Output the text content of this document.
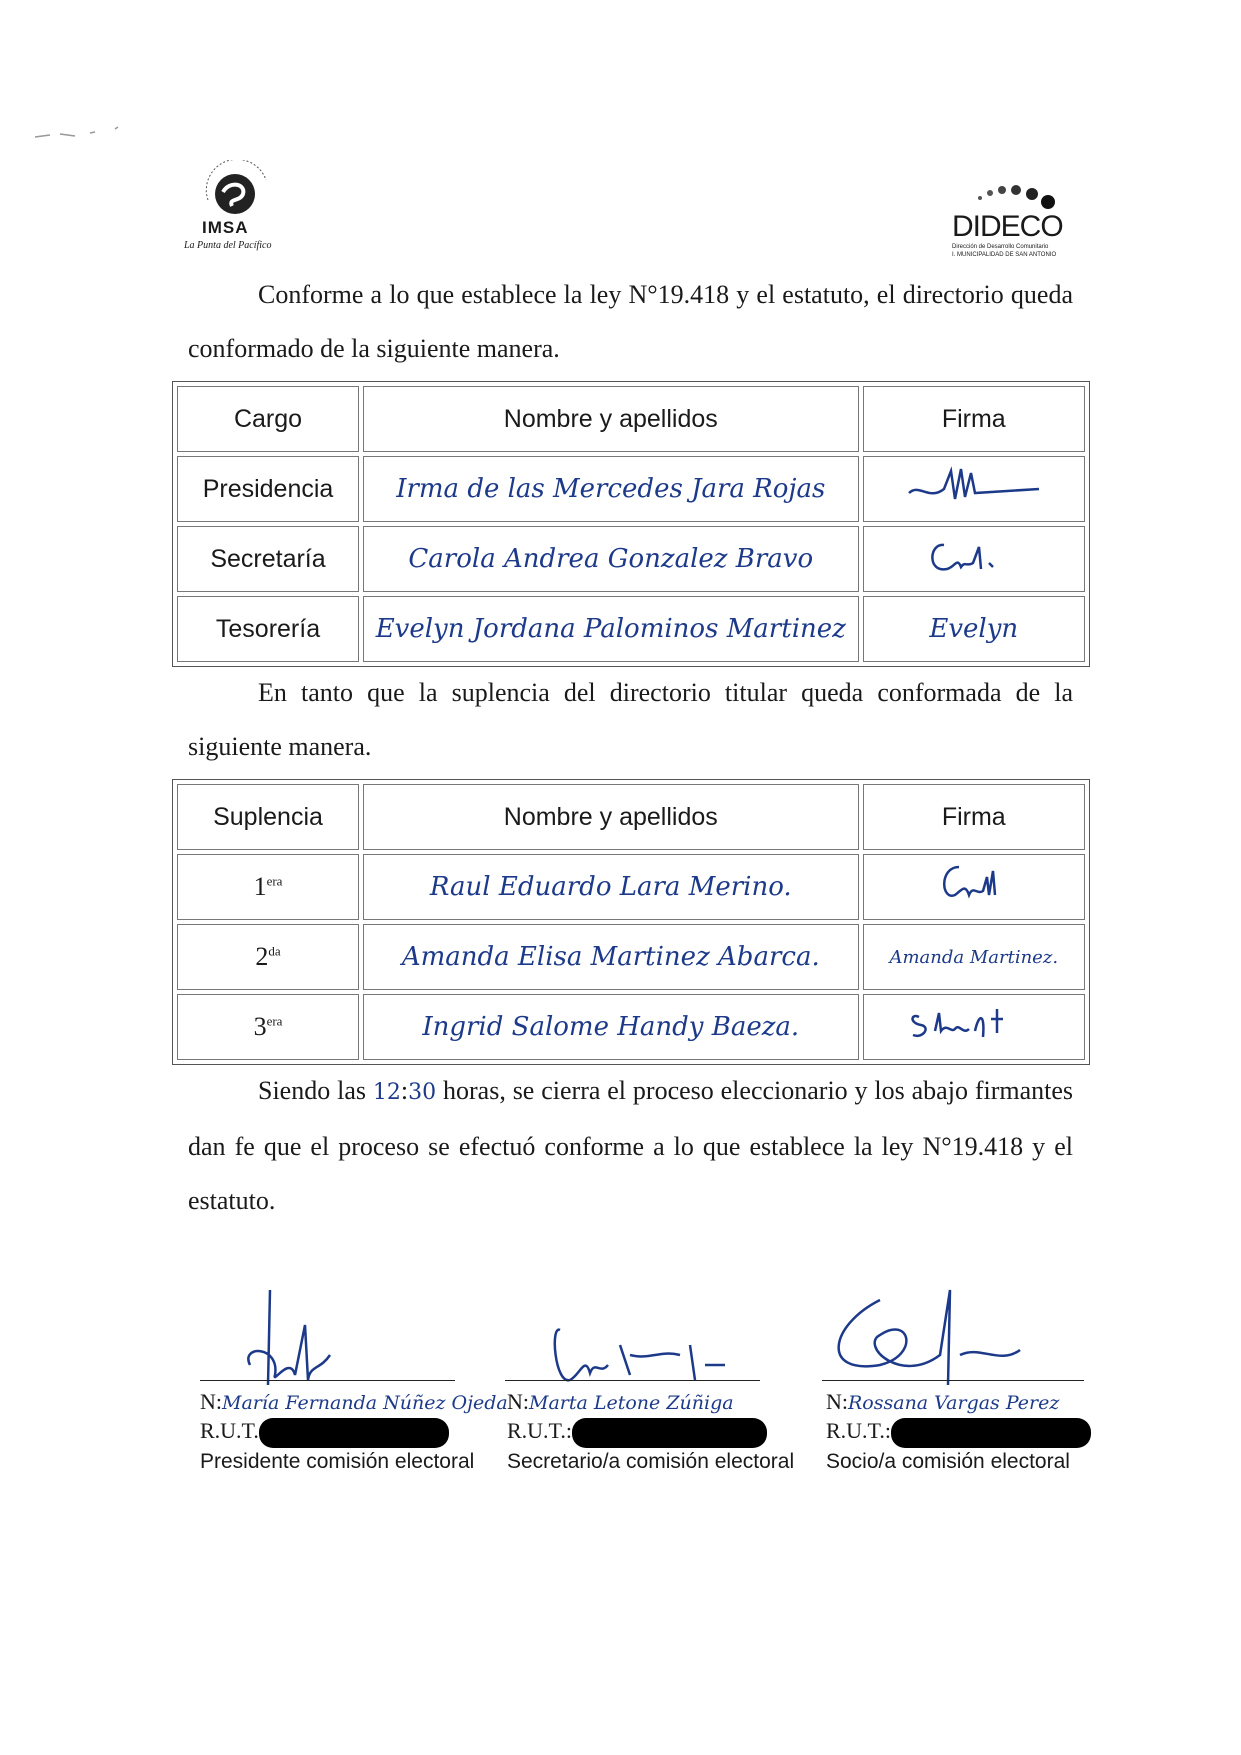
IMSA
La Punta del Pacífico
DIDECO
Dirección de Desarrollo Comunitario
I. MUNICIPALIDAD DE SAN ANTONIO
Conforme a lo que establece la ley N°19.418 y el estatuto, el directorio queda conformado de la siguiente manera.
Cargo	Nombre y apellidos	Firma
Presidencia	Irma de las Mercedes Jara Rojas	
Secretaría	Carola Andrea Gonzalez Bravo	
Tesorería	Evelyn Jordana Palominos Martinez	Evelyn
En tanto que la suplencia del directorio titular queda conformada de la siguiente manera.
Suplencia	Nombre y apellidos	Firma
$1^{era}$	Raul Eduardo Lara Merino.	
$2^{da}$	Amanda Elisa Martinez Abarca.	Amanda Martinez.
$3^{era}$	Ingrid Salome Handy Baeza.	
Siendo las 12:30 horas, se cierra el proceso eleccionario y los abajo firmantes dan fe que el proceso se efectuó conforme a lo que establece la ley N°19.418 y el estatuto.
N:María Fernanda Núñez Ojeda
R.U.T.
Presidente comisión electoral
N:Marta Letone Zúñiga
R.U.T.:
Secretario/a comisión electoral
N:Rossana Vargas Perez
R.U.T.:
Socio/a comisión electoral
